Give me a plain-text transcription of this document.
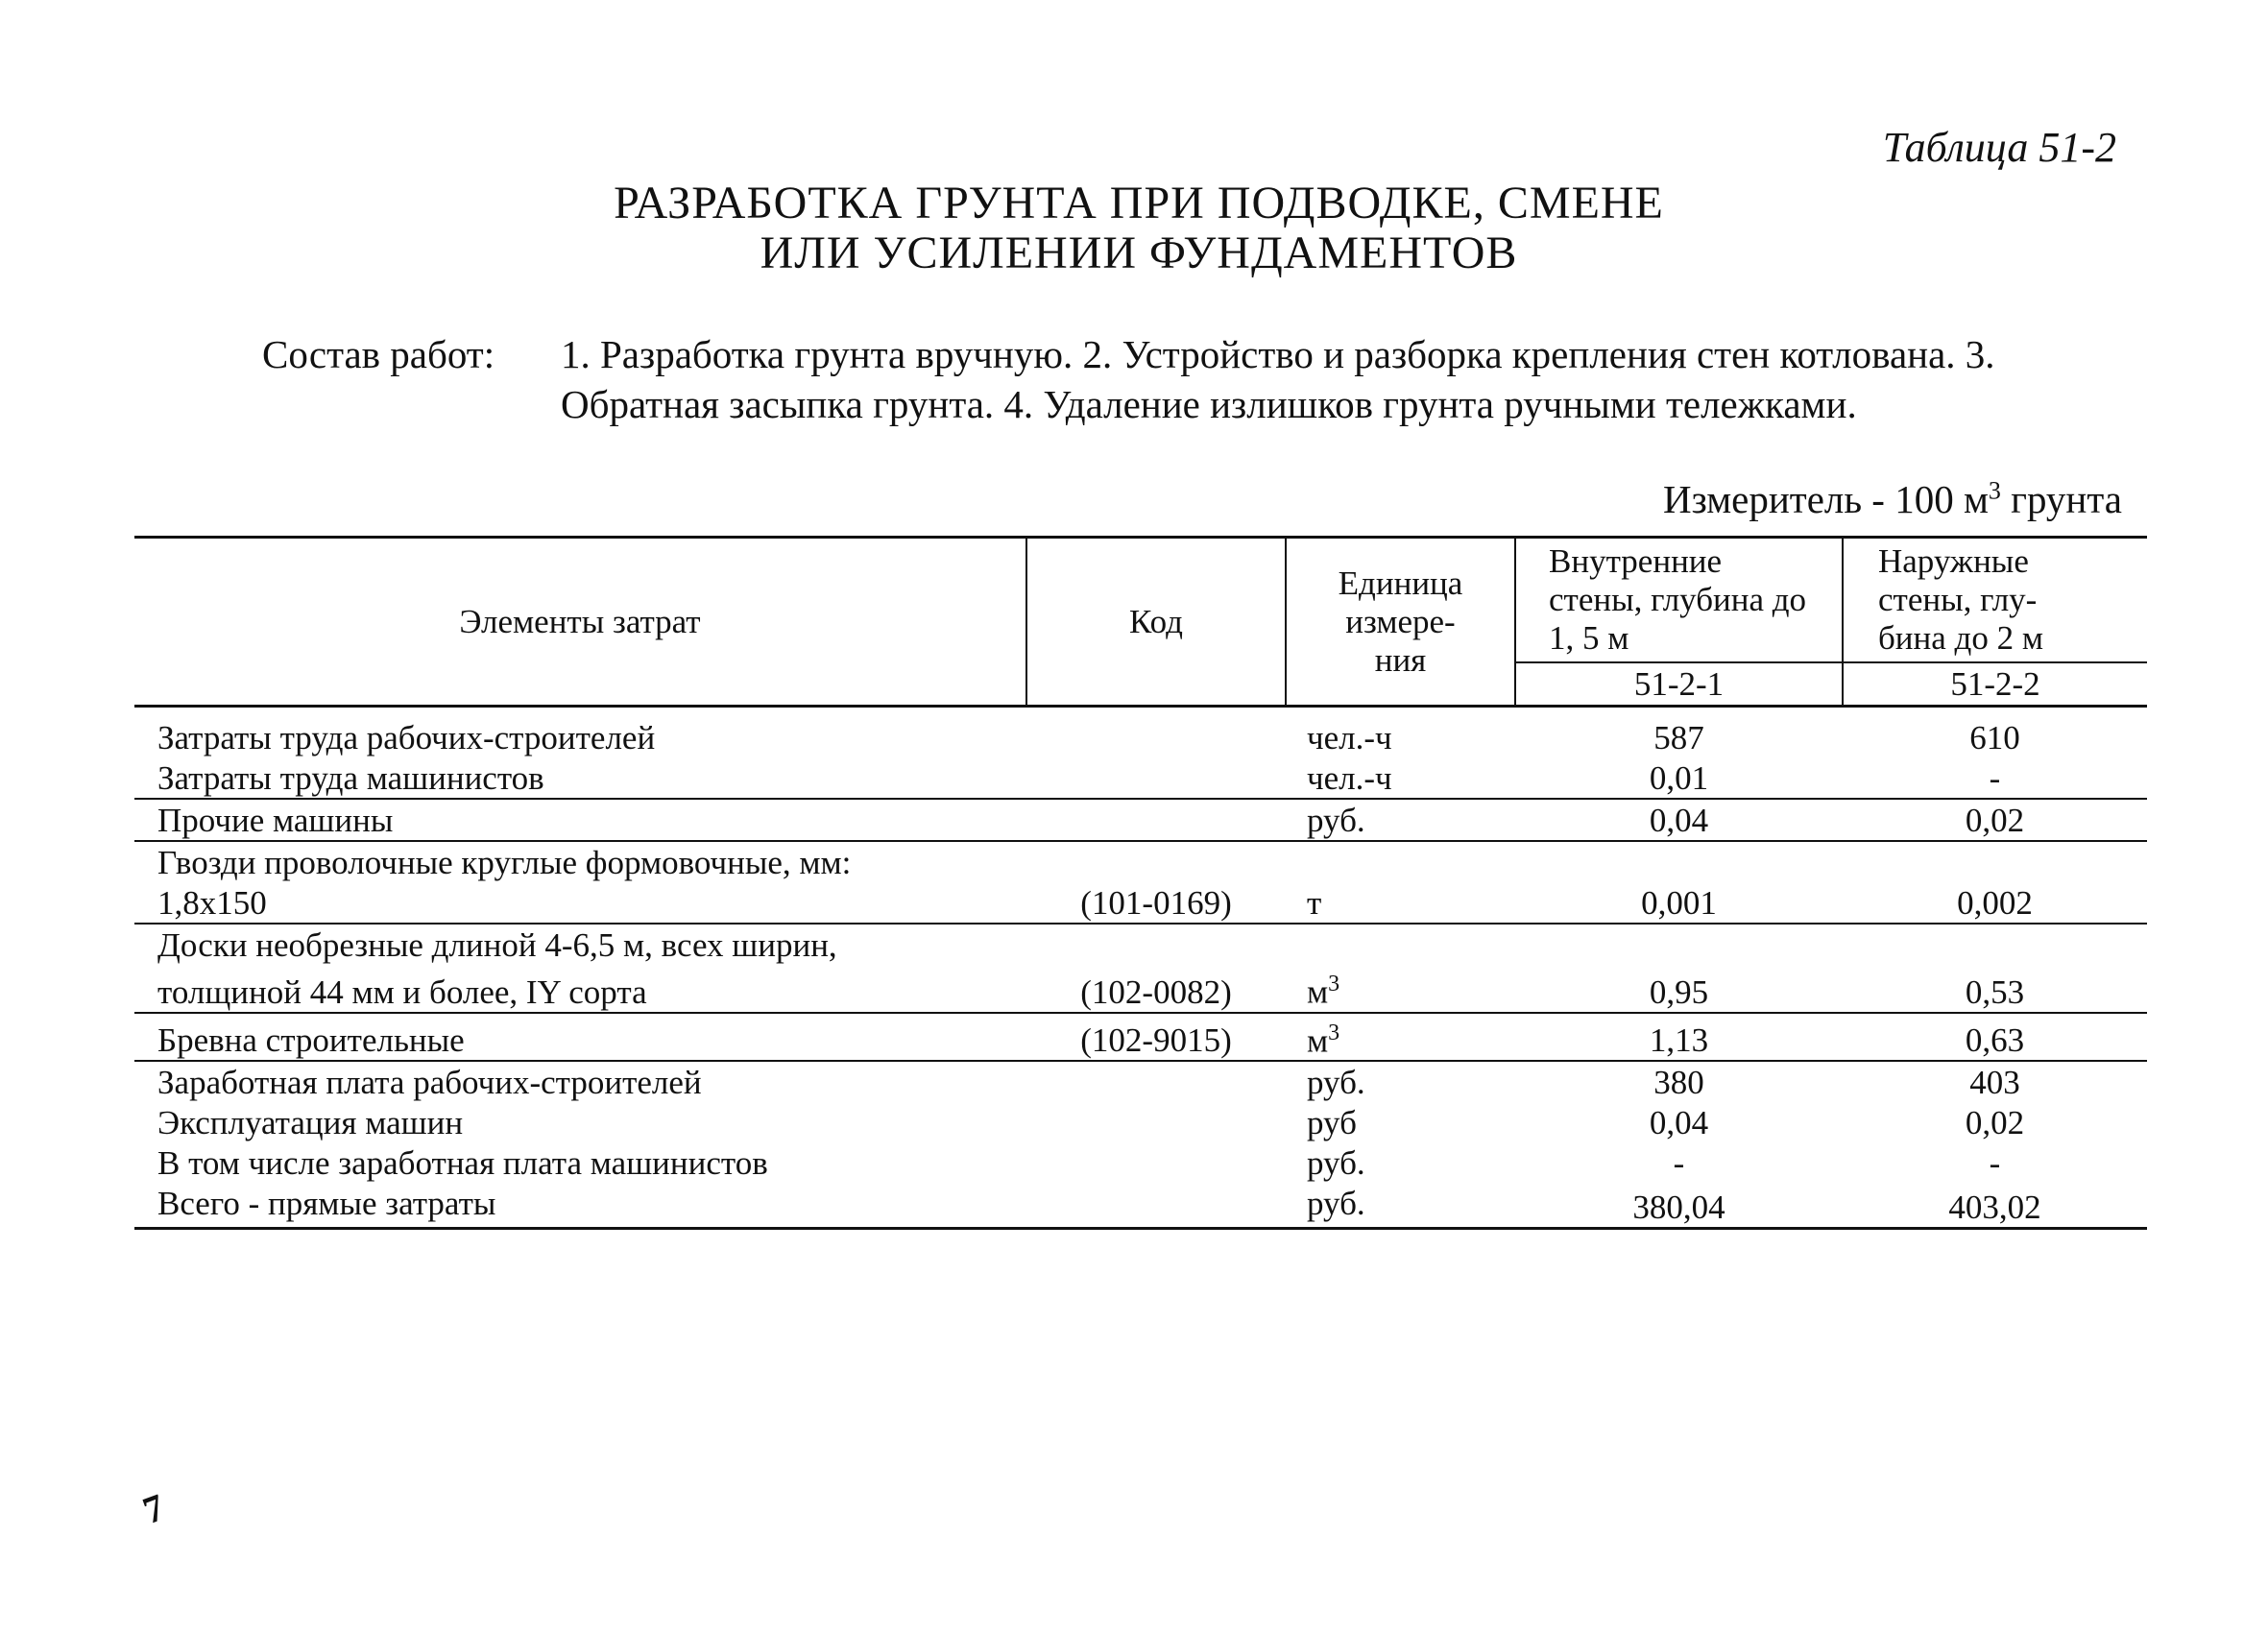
Таблица 51-2
РАЗРАБОТКА ГРУНТА ПРИ ПОДВОДКЕ, СМЕНЕ
ИЛИ УСИЛЕНИИ ФУНДАМЕНТОВ
Состав работ: 1. Разработка грунта вручную. 2. Устройство и разборка крепления стен котлована. 3. Обратная засыпка грунта. 4. Удаление излишков грунта ручными тележками.
Измеритель - 100 $м^3$ грунта
Элементы затрат	Код	Единица измере-ния	Внутренние стены, глубина до 1, 5 м	Наружные стены, глу-бина до 2 м

			51-2-1	51-2-2
Затраты труда рабочих-строителей		чел.-ч	587	610
Затраты труда машинистов		чел.-ч	0,01	-
Прочие машины		руб.	0,04	0,02
Гвозди проволочные круглые формовочные, мм:				
1,8x150	(101-0169)	т	0,001	0,002
Доски необрезные длиной 4-6,5 м, всех ширин,				
толщиной 44 мм и более, IY сорта	(102-0082)	$м^3$	0,95	0,53
Бревна строительные	(102-9015)	$м^3$	1,13	0,63
Заработная плата рабочих-строителей		руб.	380	403
Эксплуатация машин		руб	0,04	0,02
В том числе заработная плата машинистов		руб.	-	-
Всего - прямые затраты		руб.	380,04	403,02
7
